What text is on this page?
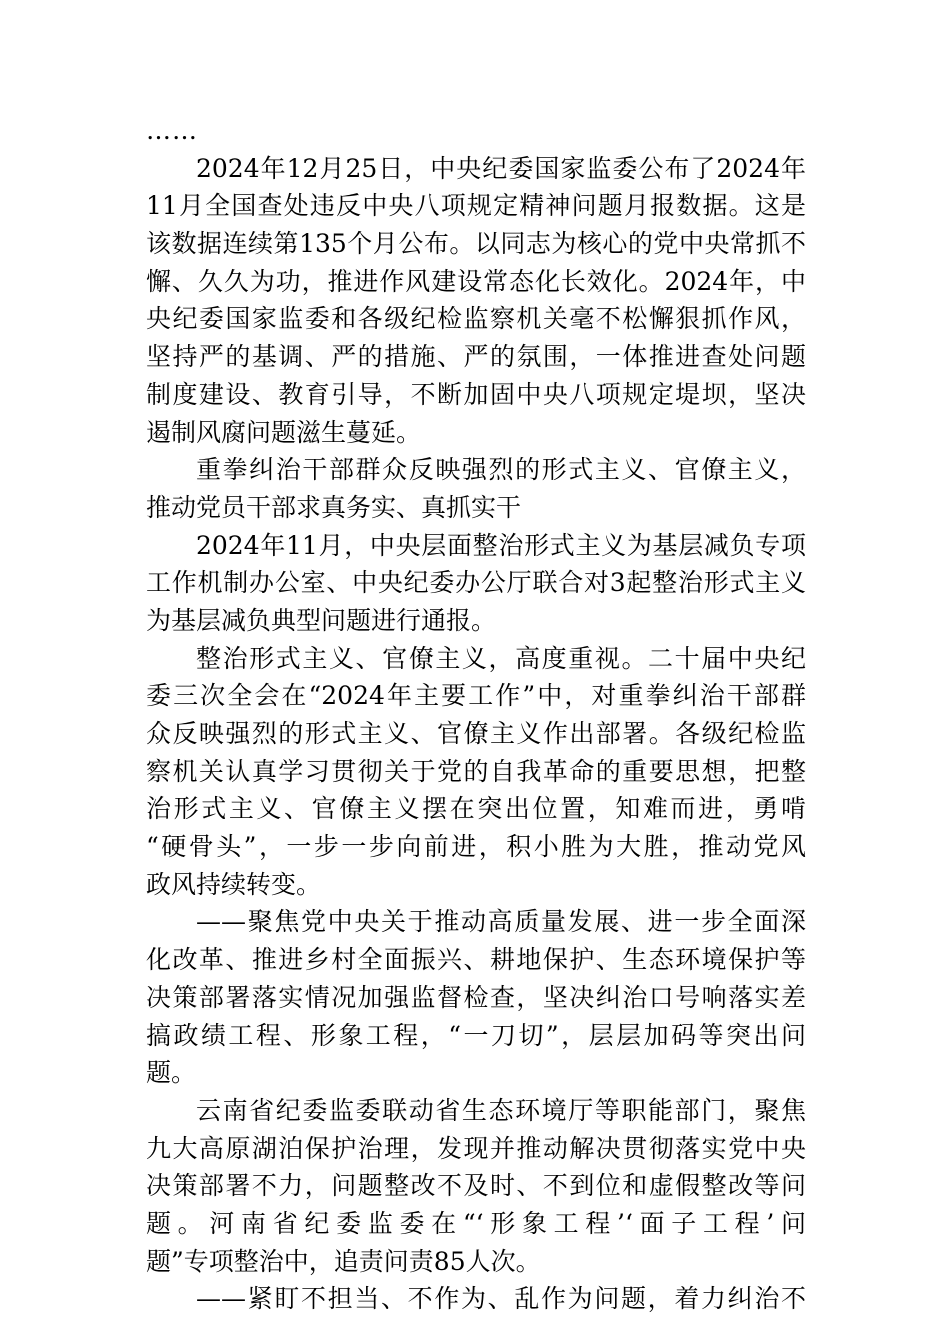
……
2024年12月25日，中央纪委国家监委公布了2024年
11月全国查处违反中央八项规定精神问题月报数据。这是
该数据连续第135个月公布。以同志为核心的党中央常抓不
懈、久久为功，推进作风建设常态化长效化。2024年，中
央纪委国家监委和各级纪检监察机关毫不松懈狠抓作风，
坚持严的基调、严的措施、严的氛围，一体推进查处问题
制度建设、教育引导，不断加固中央八项规定堤坝，坚决
遏制风腐问题滋生蔓延。
重拳纠治干部群众反映强烈的形式主义、官僚主义，
推动党员干部求真务实、真抓实干
2024年11月，中央层面整治形式主义为基层减负专项
工作机制办公室、中央纪委办公厅联合对3起整治形式主义
为基层减负典型问题进行通报。
整治形式主义、官僚主义，高度重视。二十届中央纪
委三次全会在“2024年主要工作”中，对重拳纠治干部群
众反映强烈的形式主义、官僚主义作出部署。各级纪检监
察机关认真学习贯彻关于党的自我革命的重要思想，把整
治形式主义、官僚主义摆在突出位置，知难而进，勇啃
“硬骨头”，一步一步向前进，积小胜为大胜，推动党风
政风持续转变。
——聚焦党中央关于推动高质量发展、进一步全面深
化改革、推进乡村全面振兴、耕地保护、生态环境保护等
决策部署落实情况加强监督检查，坚决纠治口号响落实差
搞政绩工程、形象工程，“一刀切”，层层加码等突出问
题。
云南省纪委监委联动省生态环境厅等职能部门，聚焦
九大高原湖泊保护治理，发现并推动解决贯彻落实党中央
决策部署不力，问题整改不及时、不到位和虚假整改等问
题。河南省纪委监委在“‘形象工程’‘面子工程’问
题”专项整治中，追责问责85人次。
——紧盯不担当、不作为、乱作为问题，着力纠治不
